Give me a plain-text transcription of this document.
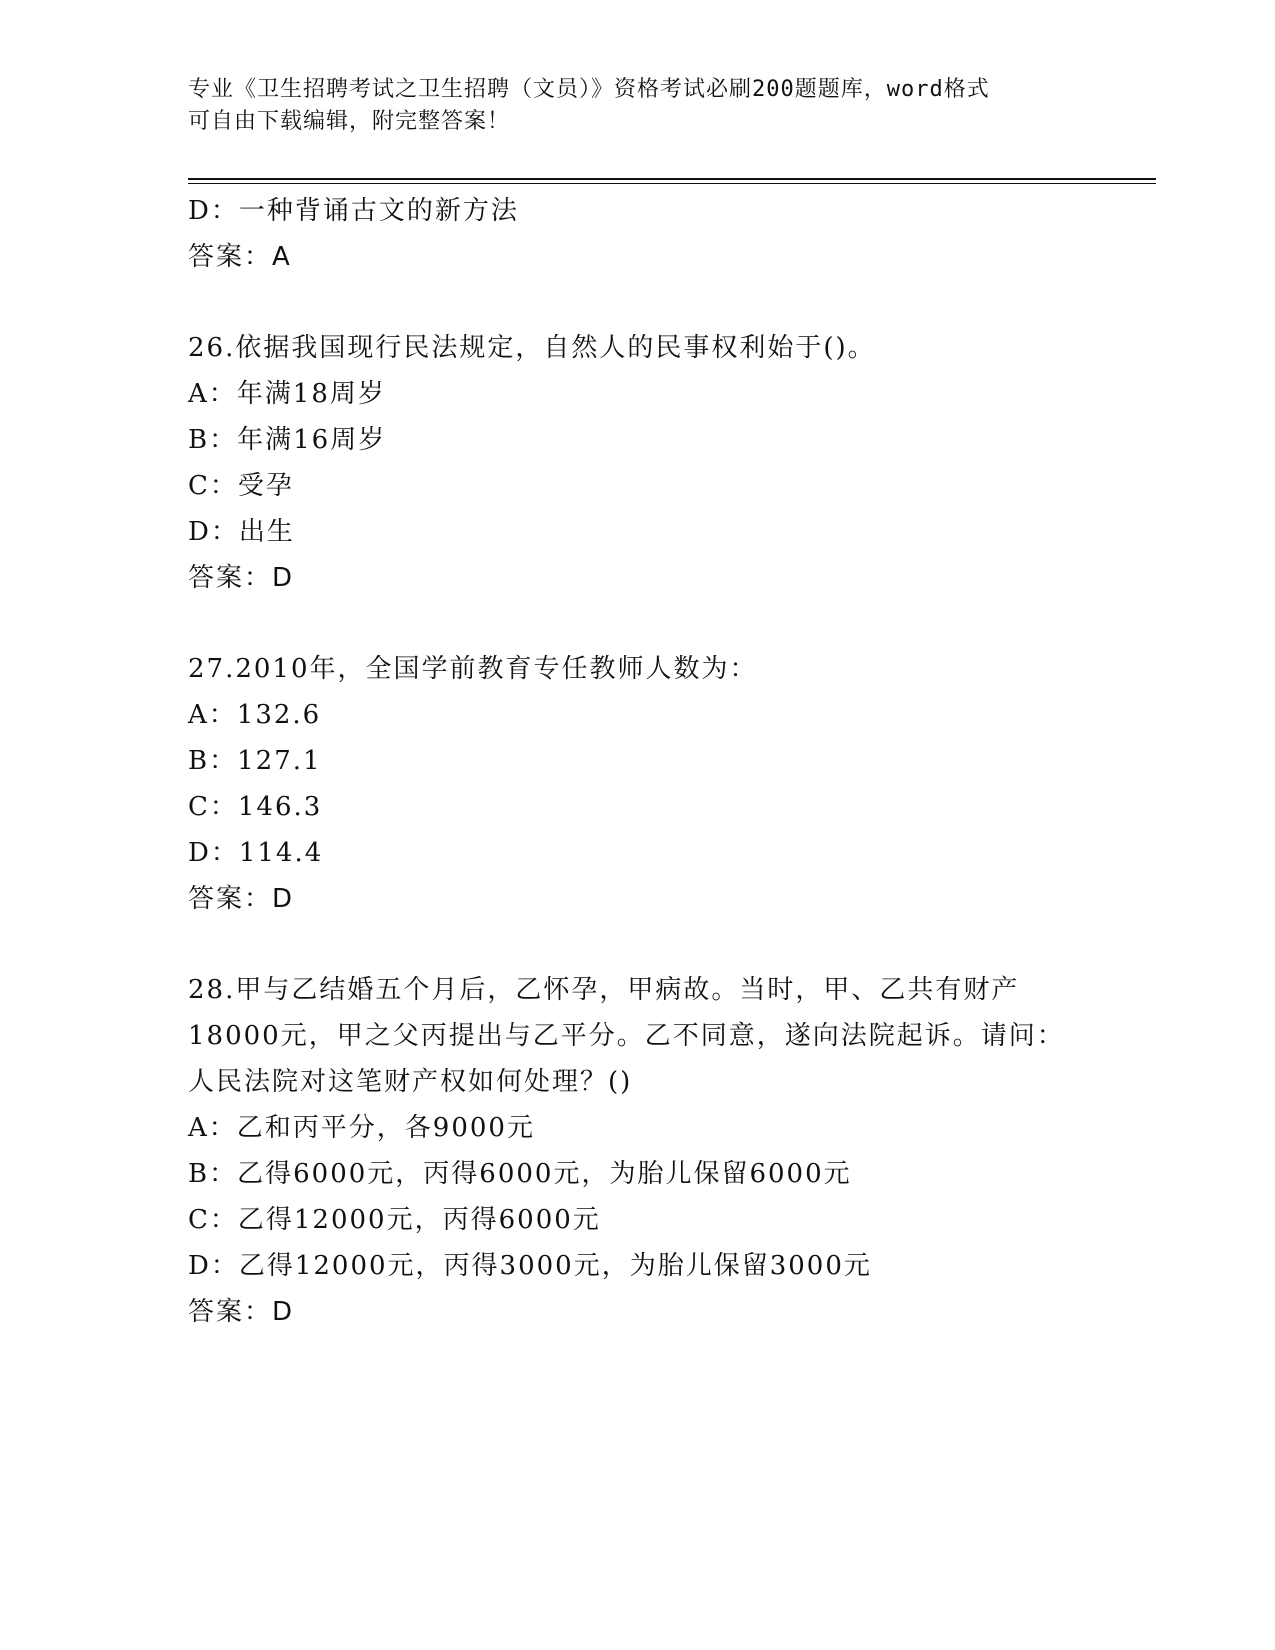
专业《卫生招聘考试之卫生招聘（文员）》资格考试必刷200题题库，word格式
可自由下载编辑，附完整答案！
D：一种背诵古文的新方法
答案：A
26.依据我国现行民法规定，自然人的民事权利始于()。
A：年满18周岁
B：年满16周岁
C：受孕
D：出生
答案：D
27.2010年，全国学前教育专任教师人数为：
A：132.6
B：127.1
C：146.3
D：114.4
答案：D
28.甲与乙结婚五个月后，乙怀孕，甲病故。当时，甲、乙共有财产
18000元，甲之父丙提出与乙平分。乙不同意，遂向法院起诉。请问：
人民法院对这笔财产权如何处理？()
A：乙和丙平分，各9000元
B：乙得6000元，丙得6000元，为胎儿保留6000元
C：乙得12000元，丙得6000元
D：乙得12000元，丙得3000元，为胎儿保留3000元
答案：D
